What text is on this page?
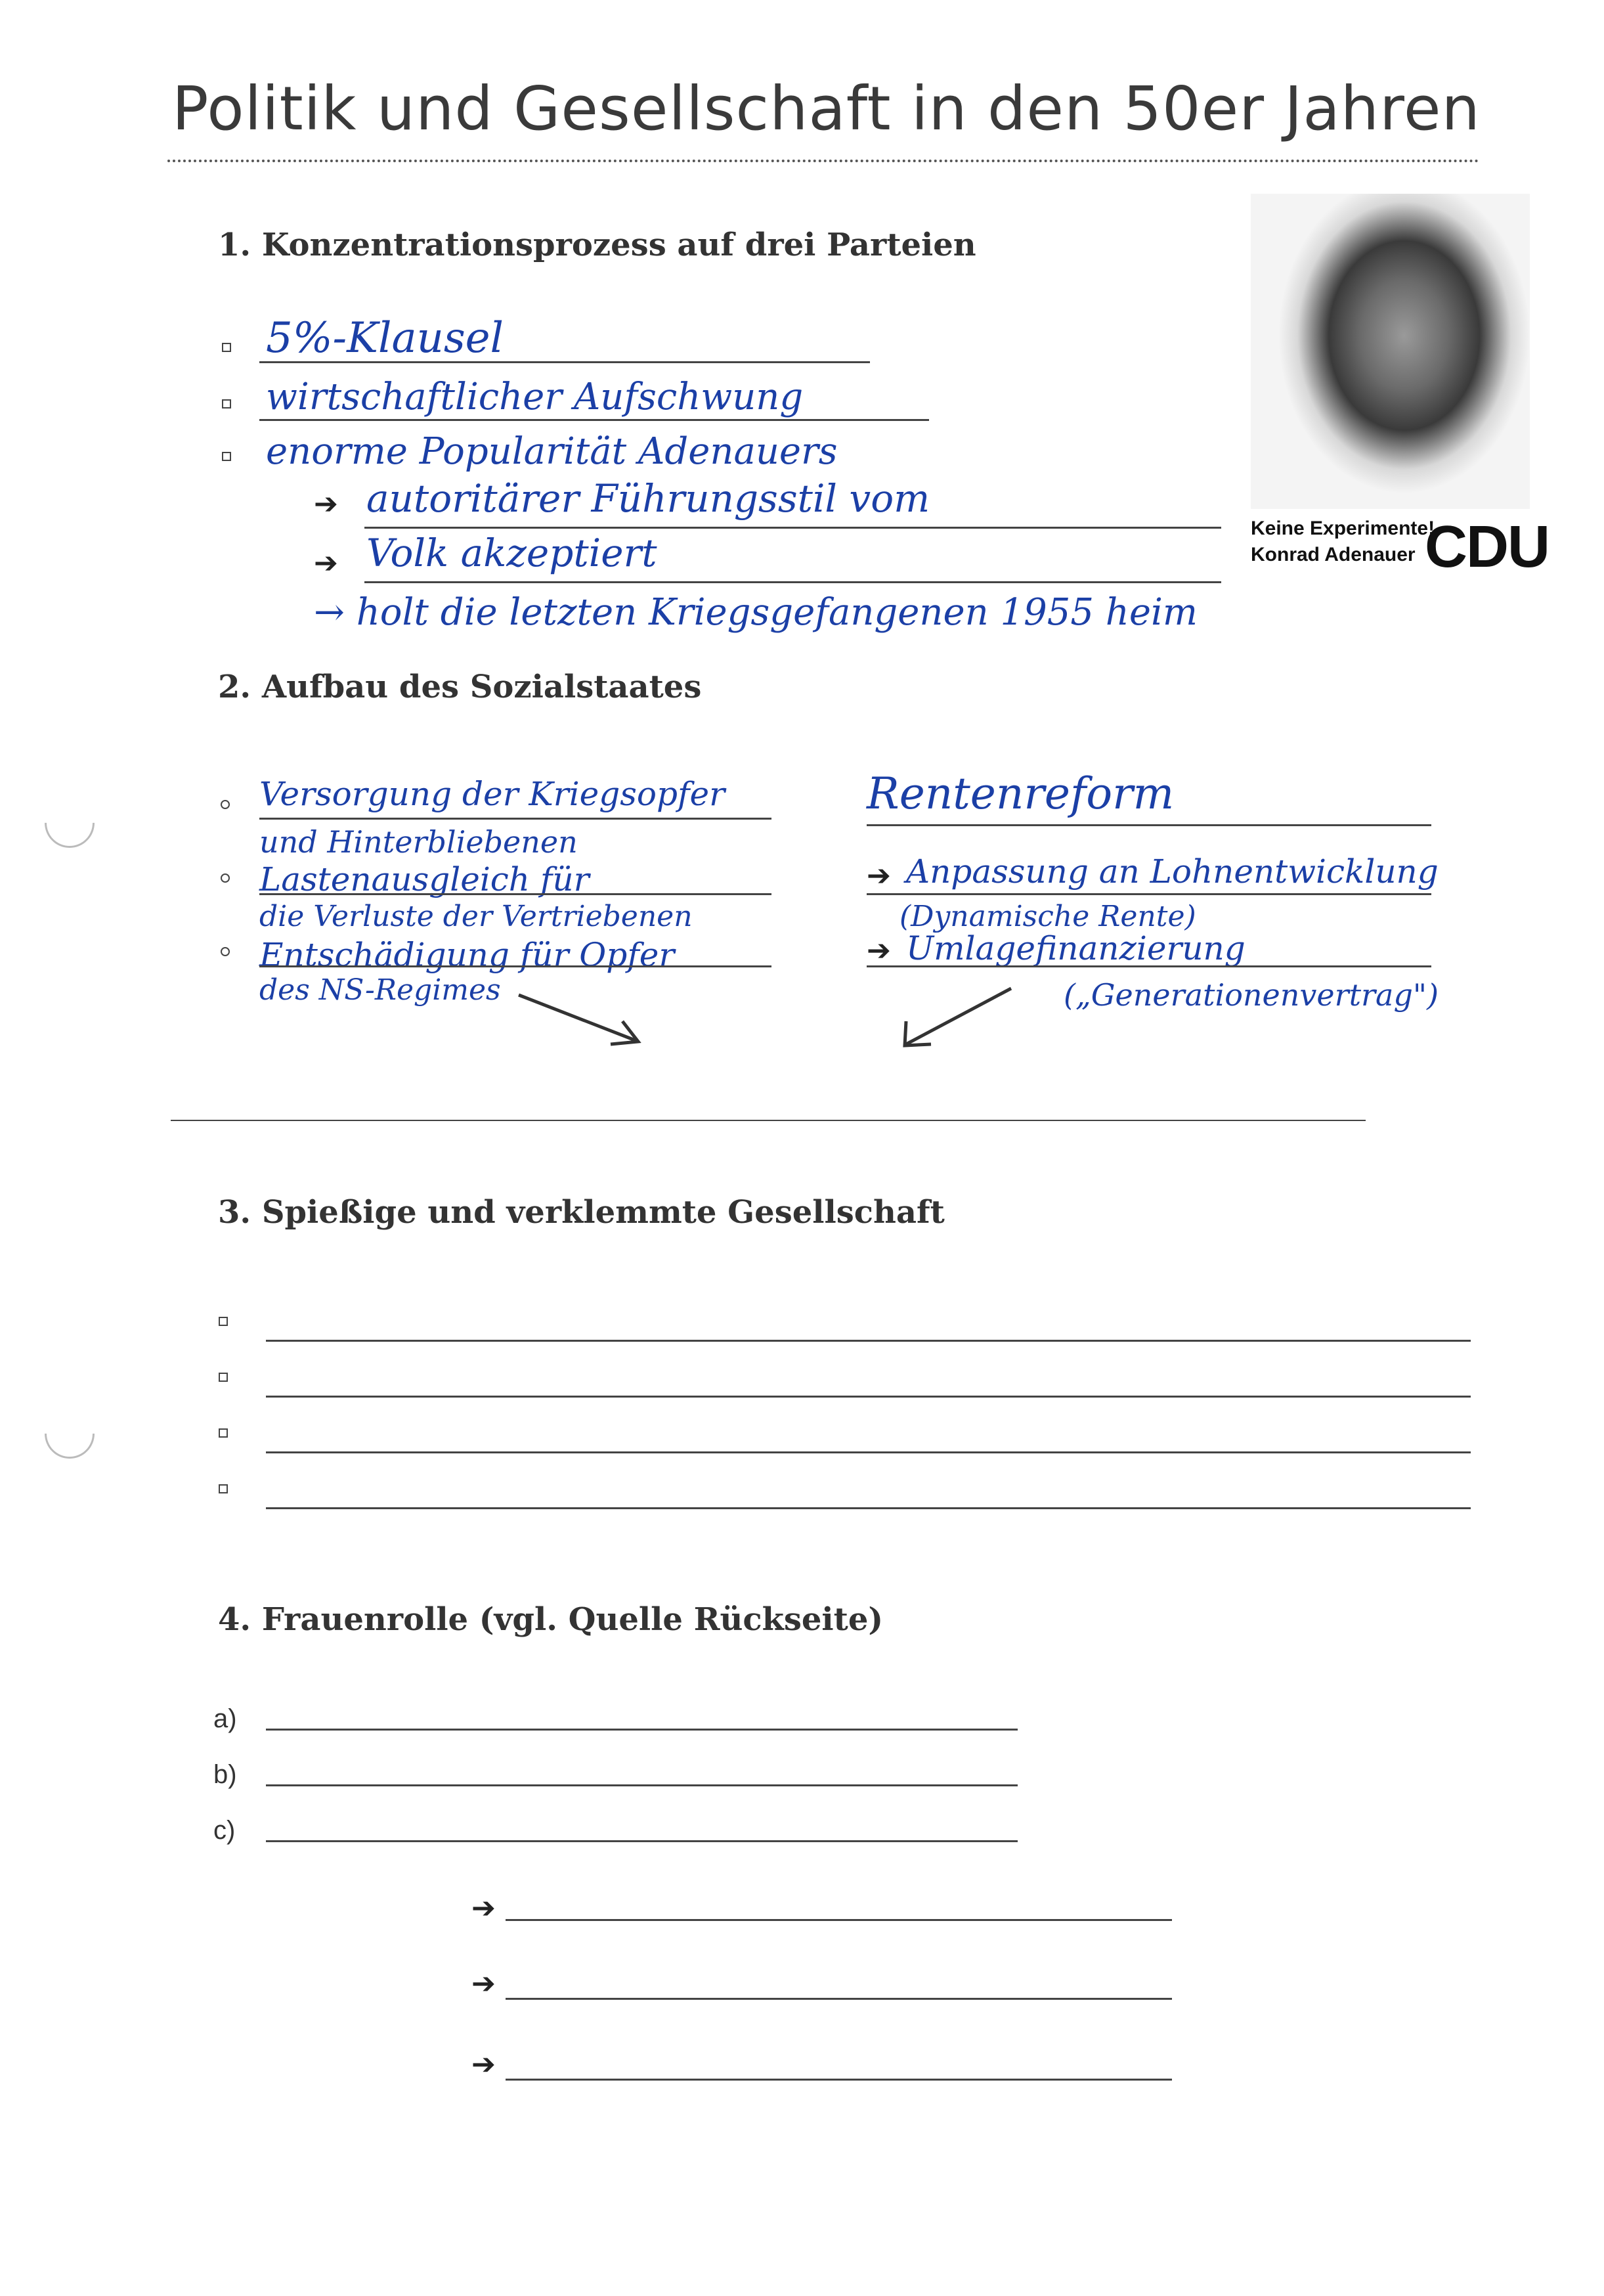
Politik und Gesellschaft in den 50er Jahren
Keine Experimente!
Konrad Adenauer CDU
1. Konzentrationsprozess auf drei Parteien
5%-Klausel
wirtschaftlicher Aufschwung
enorme Popularität Adenauers
➔ autoritärer Führungsstil vom
➔ Volk akzeptiert
→ holt die letzten Kriegsgefangenen 1955 heim
2. Aufbau des Sozialstaates
Versorgung der Kriegsopfer
und Hinterbliebenen
Lastenausgleich für
die Verluste der Vertriebenen
Entschädigung für Opfer
des NS-Regimes
Rentenreform
➔ Anpassung an Lohnentwicklung
(Dynamische Rente)
➔ Umlagefinanzierung
(„Generationenvertrag")
3. Spießige und verklemmte Gesellschaft
4. Frauenrolle (vgl. Quelle Rückseite)
a)
b)
c)
➔
➔
➔
